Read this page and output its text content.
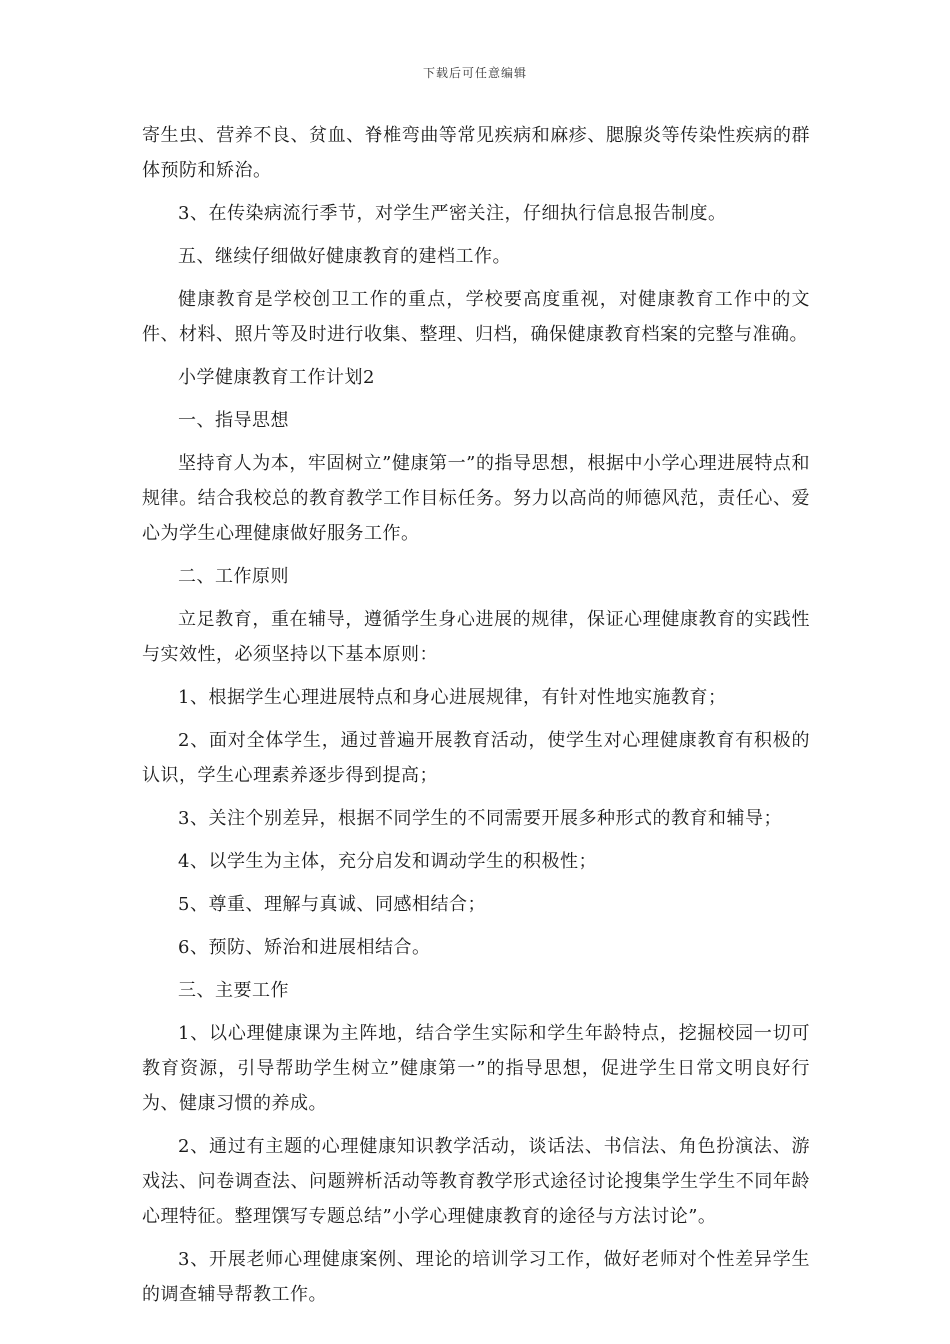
下载后可任意编辑

寄生虫、营养不良、贫血、脊椎弯曲等常见疾病和麻疹、腮腺炎等传染性疾病的群体预防和矫治。

3、在传染病流行季节，对学生严密关注，仔细执行信息报告制度。

五、继续仔细做好健康教育的建档工作。

健康教育是学校创卫工作的重点，学校要高度重视，对健康教育工作中的文件、材料、照片等及时进行收集、整理、归档，确保健康教育档案的完整与准确。

小学健康教育工作计划2

一、指导思想

坚持育人为本，牢固树立”健康第一”的指导思想，根据中小学心理进展特点和规律。结合我校总的教育教学工作目标任务。努力以高尚的师德风范，责任心、爱心为学生心理健康做好服务工作。

二、工作原则

立足教育，重在辅导，遵循学生身心进展的规律，保证心理健康教育的实践性与实效性，必须坚持以下基本原则：

1、根据学生心理进展特点和身心进展规律，有针对性地实施教育；

2、面对全体学生，通过普遍开展教育活动，使学生对心理健康教育有积极的认识，学生心理素养逐步得到提高；

3、关注个别差异，根据不同学生的不同需要开展多种形式的教育和辅导；

4、以学生为主体，充分启发和调动学生的积极性；

5、尊重、理解与真诚、同感相结合；

6、预防、矫治和进展相结合。

三、主要工作

1、以心理健康课为主阵地，结合学生实际和学生年龄特点，挖掘校园一切可教育资源，引导帮助学生树立”健康第一”的指导思想，促进学生日常文明良好行为、健康习惯的养成。

2、通过有主题的心理健康知识教学活动，谈话法、书信法、角色扮演法、游戏法、问卷调查法、问题辨析活动等教育教学形式途径讨论搜集学生学生不同年龄心理特征。整理馔写专题总结”小学心理健康教育的途径与方法讨论”。

3、开展老师心理健康案例、理论的培训学习工作，做好老师对个性差异学生的调查辅导帮教工作。
